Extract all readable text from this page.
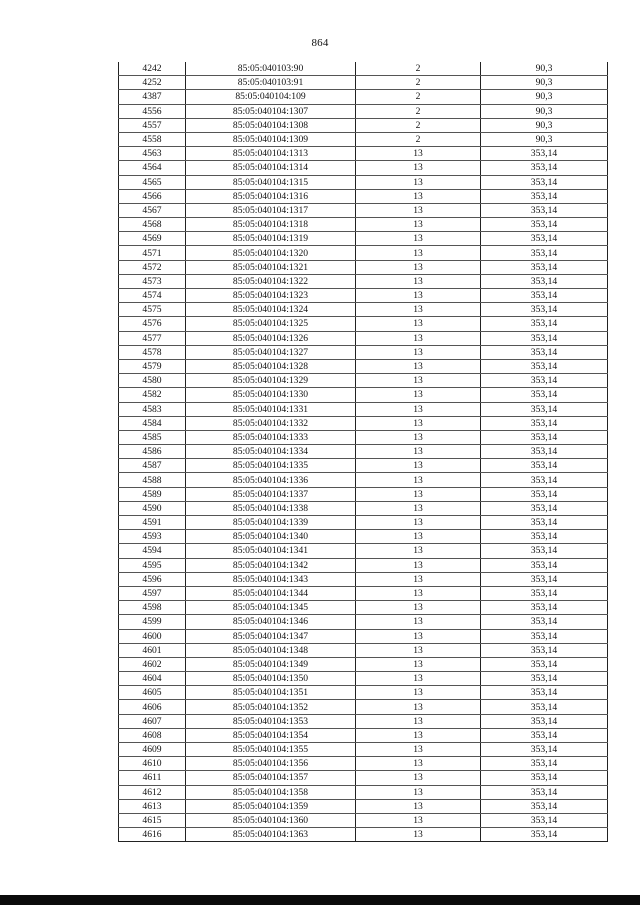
864
4242	85:05:040103:90	2	90,3
4252	85:05:040103:91	2	90,3
4387	85:05:040104:109	2	90,3
4556	85:05:040104:1307	2	90,3
4557	85:05:040104:1308	2	90,3
4558	85:05:040104:1309	2	90,3
4563	85:05:040104:1313	13	353,14
4564	85:05:040104:1314	13	353,14
4565	85:05:040104:1315	13	353,14
4566	85:05:040104:1316	13	353,14
4567	85:05:040104:1317	13	353,14
4568	85:05:040104:1318	13	353,14
4569	85:05:040104:1319	13	353,14
4571	85:05:040104:1320	13	353,14
4572	85:05:040104:1321	13	353,14
4573	85:05:040104:1322	13	353,14
4574	85:05:040104:1323	13	353,14
4575	85:05:040104:1324	13	353,14
4576	85:05:040104:1325	13	353,14
4577	85:05:040104:1326	13	353,14
4578	85:05:040104:1327	13	353,14
4579	85:05:040104:1328	13	353,14
4580	85:05:040104:1329	13	353,14
4582	85:05:040104:1330	13	353,14
4583	85:05:040104:1331	13	353,14
4584	85:05:040104:1332	13	353,14
4585	85:05:040104:1333	13	353,14
4586	85:05:040104:1334	13	353,14
4587	85:05:040104:1335	13	353,14
4588	85:05:040104:1336	13	353,14
4589	85:05:040104:1337	13	353,14
4590	85:05:040104:1338	13	353,14
4591	85:05:040104:1339	13	353,14
4593	85:05:040104:1340	13	353,14
4594	85:05:040104:1341	13	353,14
4595	85:05:040104:1342	13	353,14
4596	85:05:040104:1343	13	353,14
4597	85:05:040104:1344	13	353,14
4598	85:05:040104:1345	13	353,14
4599	85:05:040104:1346	13	353,14
4600	85:05:040104:1347	13	353,14
4601	85:05:040104:1348	13	353,14
4602	85:05:040104:1349	13	353,14
4604	85:05:040104:1350	13	353,14
4605	85:05:040104:1351	13	353,14
4606	85:05:040104:1352	13	353,14
4607	85:05:040104:1353	13	353,14
4608	85:05:040104:1354	13	353,14
4609	85:05:040104:1355	13	353,14
4610	85:05:040104:1356	13	353,14
4611	85:05:040104:1357	13	353,14
4612	85:05:040104:1358	13	353,14
4613	85:05:040104:1359	13	353,14
4615	85:05:040104:1360	13	353,14
4616	85:05:040104:1363	13	353,14
